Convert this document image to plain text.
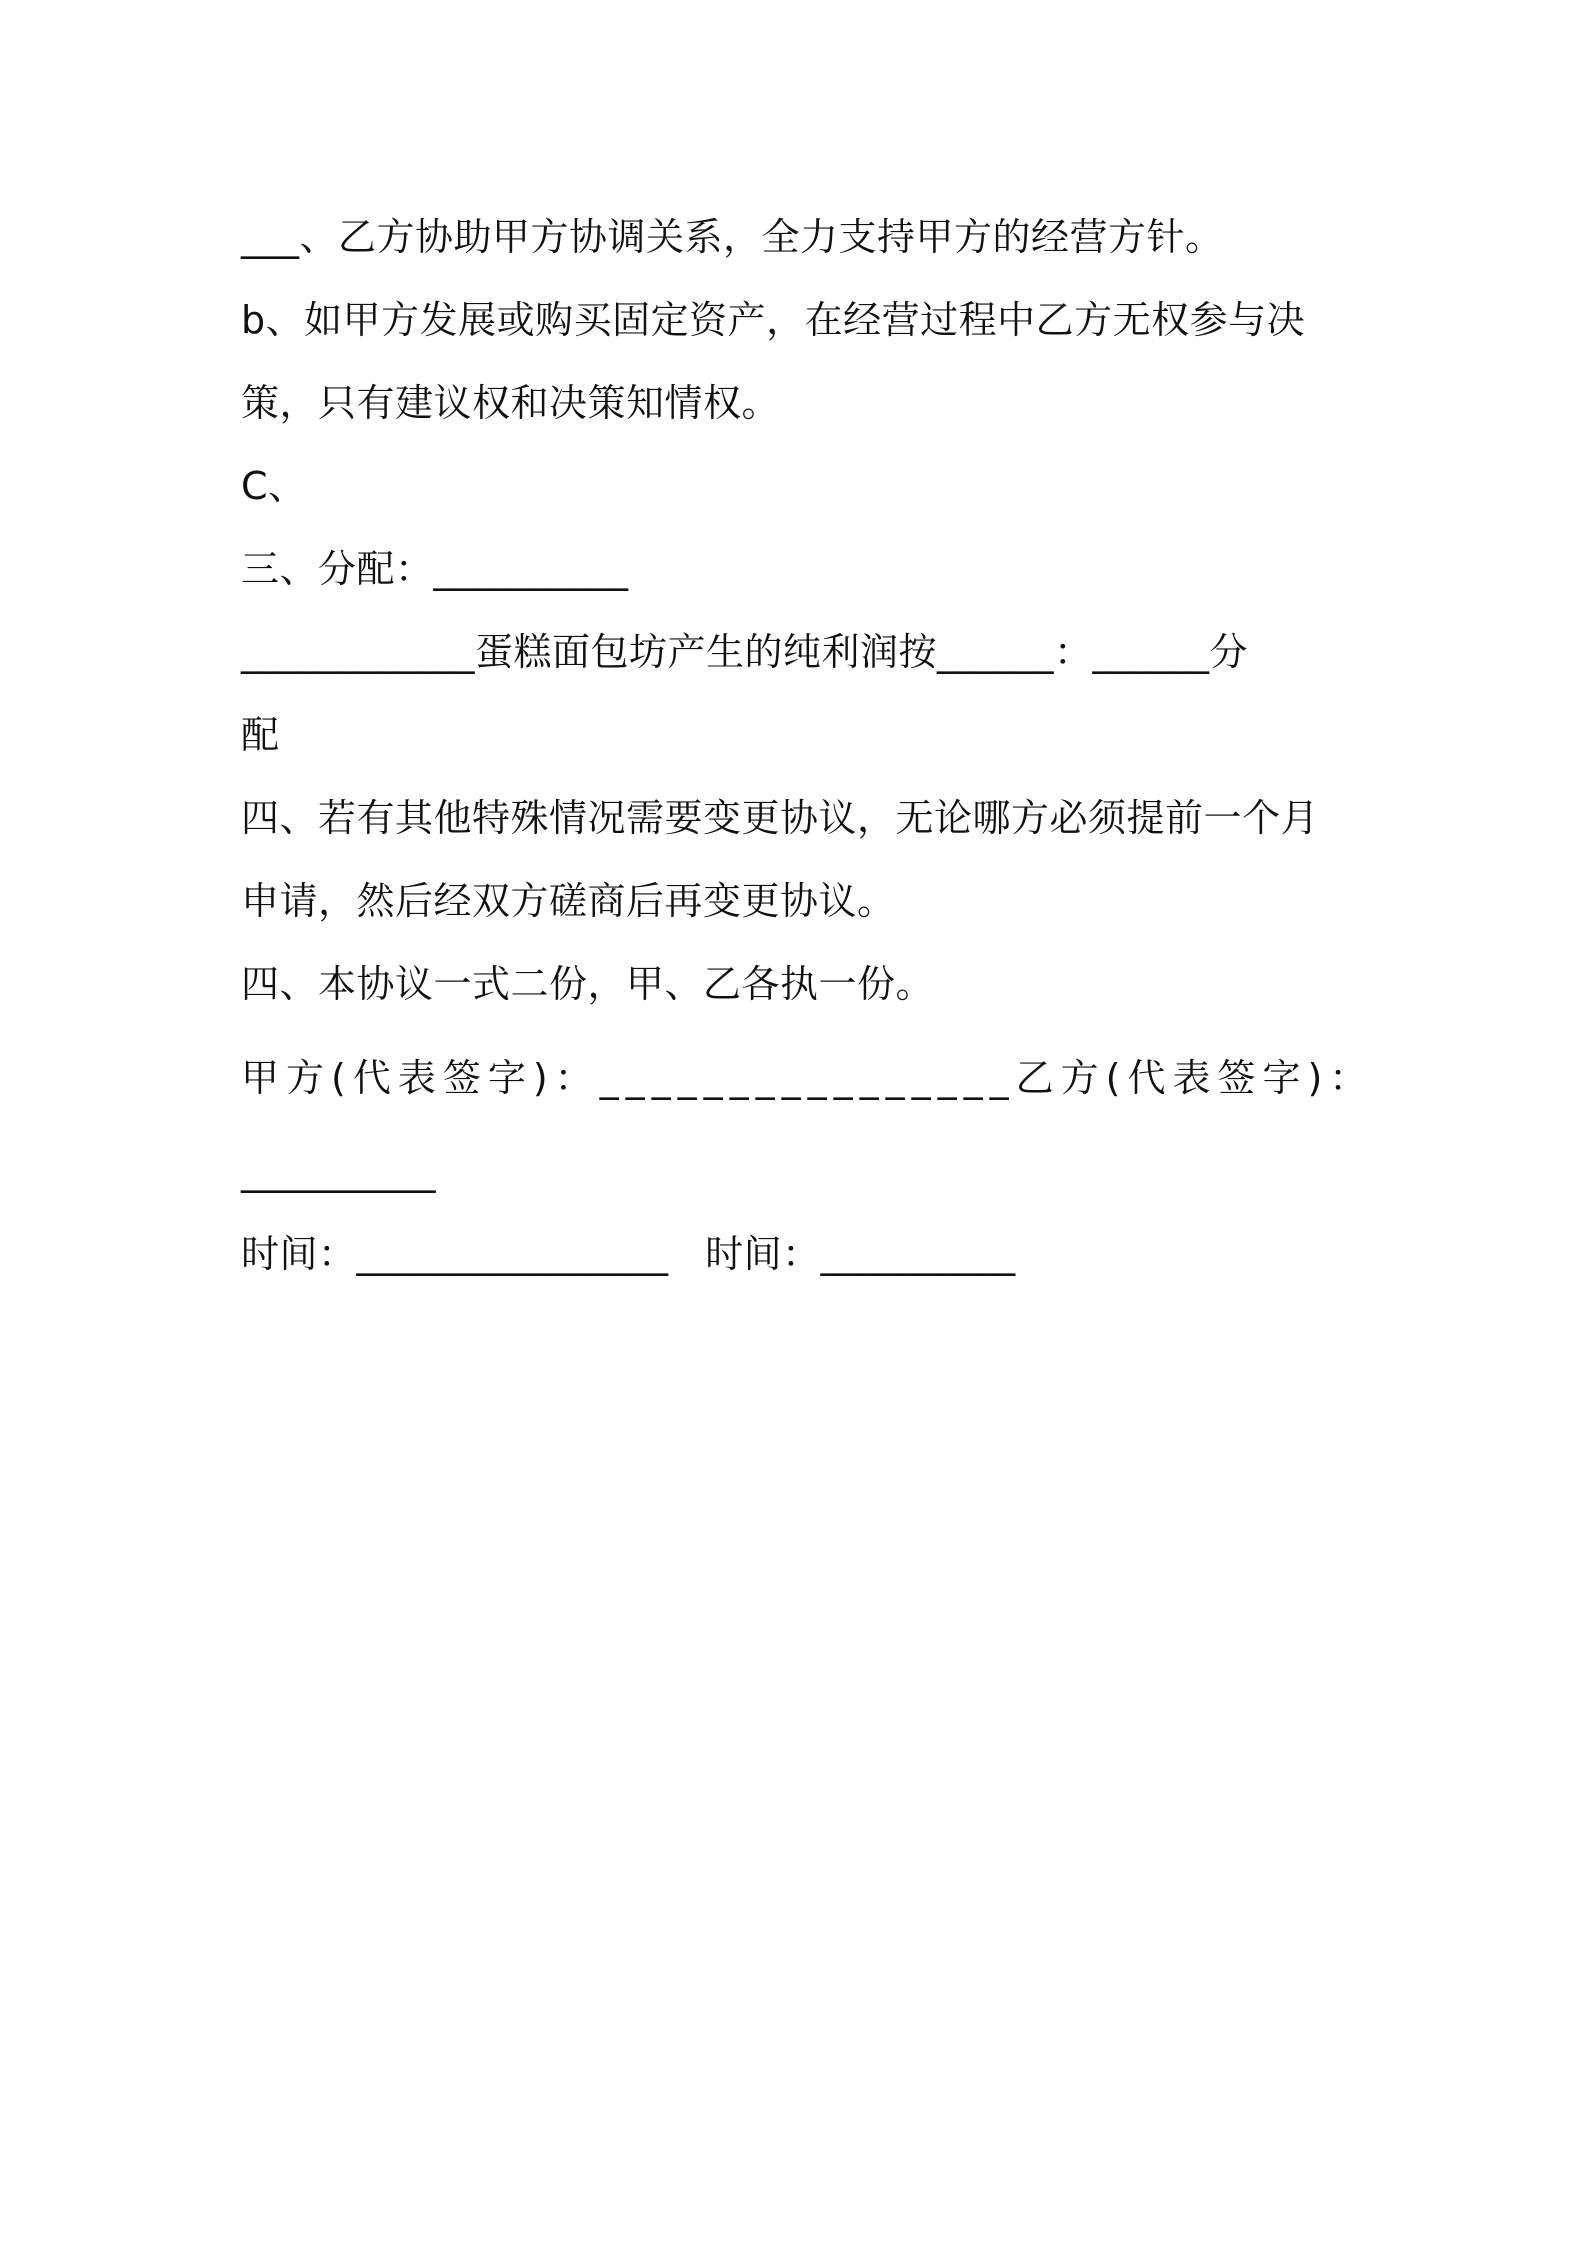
___、乙方协助甲方协调关系，全力支持甲方的经营方针。
b、如甲方发展或购买固定资产，在经营过程中乙方无权参与决
策，只有建议权和决策知情权。
C、
三、分配：__________
____________蛋糕面包坊产生的纯利润按______：______分
配
四、若有其他特殊情况需要变更协议，无论哪方必须提前一个月
申请，然后经双方磋商后再变更协议。
四、本协议一式二份，甲、乙各执一份。
甲方(代表签字)：________________ 乙方(代表签字)：
__________
时间：________________ 时间：__________
